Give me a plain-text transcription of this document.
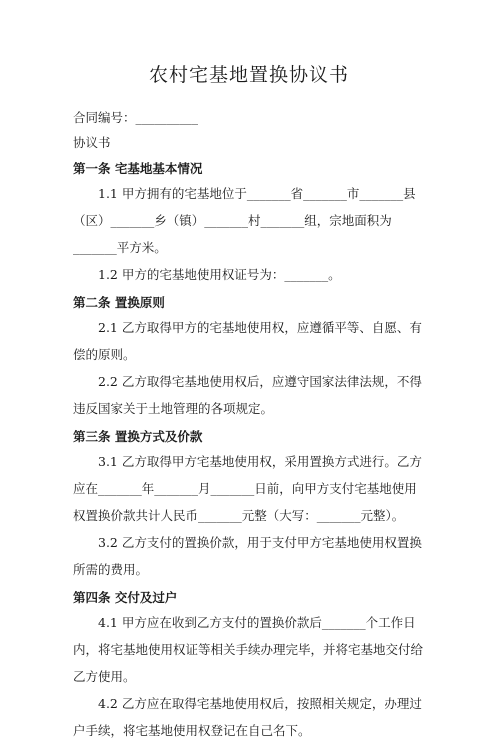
农村宅基地置换协议书

合同编号：__________

协议书

第一条 宅基地基本情况

1.1 甲方拥有的宅基地位于_______省_______市_______县（区）_______乡（镇）_______村_______组，宗地面积为_______平方米。

1.2 甲方的宅基地使用权证号为：_______。

第二条 置换原则

2.1 乙方取得甲方的宅基地使用权，应遵循平等、自愿、有偿的原则。

2.2 乙方取得宅基地使用权后，应遵守国家法律法规，不得违反国家关于土地管理的各项规定。

第三条 置换方式及价款

3.1 乙方取得甲方宅基地使用权，采用置换方式进行。乙方应在_______年_______月_______日前，向甲方支付宅基地使用权置换价款共计人民币_______元整（大写：_______元整）。

3.2 乙方支付的置换价款，用于支付甲方宅基地使用权置换所需的费用。

第四条 交付及过户

4.1 甲方应在收到乙方支付的置换价款后_______个工作日内，将宅基地使用权证等相关手续办理完毕，并将宅基地交付给乙方使用。

4.2 乙方应在取得宅基地使用权后，按照相关规定，办理过户手续，将宅基地使用权登记在自己名下。
